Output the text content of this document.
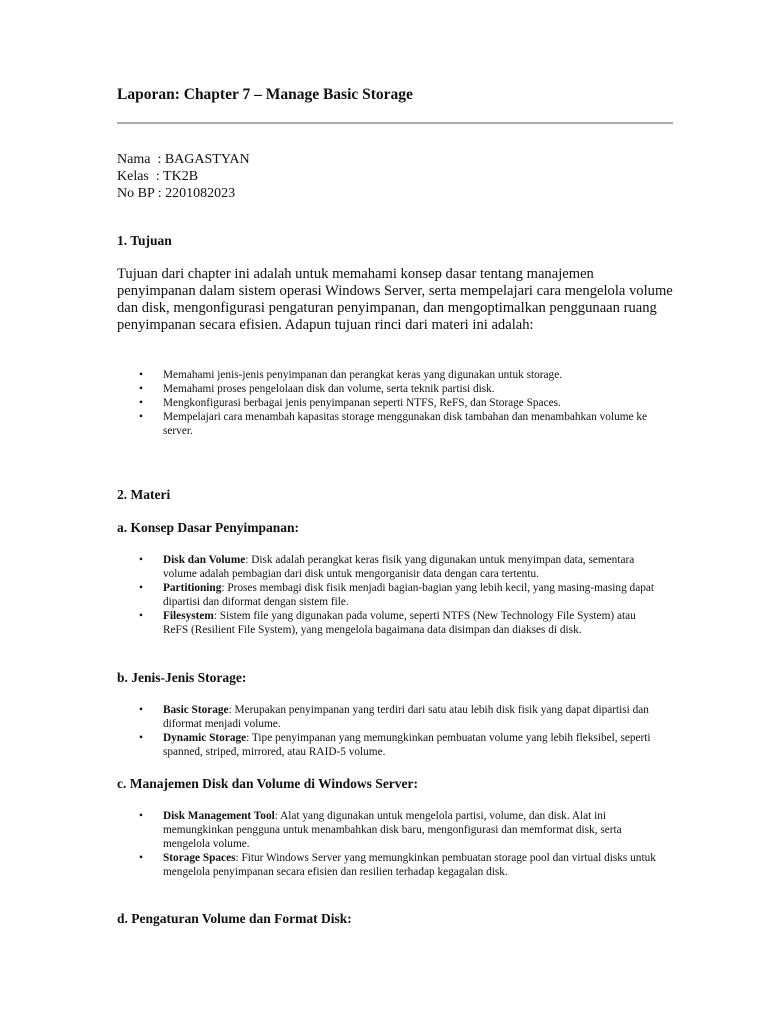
Laporan: Chapter 7 – Manage Basic Storage
Nama  : BAGASTYAN
Kelas  : TK2B
No BP : 2201082023
1. Tujuan
Tujuan dari chapter ini adalah untuk memahami konsep dasar tentang manajemen penyimpanan dalam sistem operasi Windows Server, serta mempelajari cara mengelola volume dan disk, mengonfigurasi pengaturan penyimpanan, dan mengoptimalkan penggunaan ruang penyimpanan secara efisien. Adapun tujuan rinci dari materi ini adalah:
• Memahami jenis-jenis penyimpanan dan perangkat keras yang digunakan untuk storage.
• Memahami proses pengelolaan disk dan volume, serta teknik partisi disk.
• Mengkonfigurasi berbagai jenis penyimpanan seperti NTFS, ReFS, dan Storage Spaces.
• Mempelajari cara menambah kapasitas storage menggunakan disk tambahan dan menambahkan volume ke server.
2. Materi
a. Konsep Dasar Penyimpanan:
• Disk dan Volume: Disk adalah perangkat keras fisik yang digunakan untuk menyimpan data, sementara volume adalah pembagian dari disk untuk mengorganisir data dengan cara tertentu.
• Partitioning: Proses membagi disk fisik menjadi bagian-bagian yang lebih kecil, yang masing-masing dapat dipartisi dan diformat dengan sistem file.
• Filesystem: Sistem file yang digunakan pada volume, seperti NTFS (New Technology File System) atau ReFS (Resilient File System), yang mengelola bagaimana data disimpan dan diakses di disk.
b. Jenis-Jenis Storage:
• Basic Storage: Merupakan penyimpanan yang terdiri dari satu atau lebih disk fisik yang dapat dipartisi dan diformat menjadi volume.
• Dynamic Storage: Tipe penyimpanan yang memungkinkan pembuatan volume yang lebih fleksibel, seperti spanned, striped, mirrored, atau RAID-5 volume.
c. Manajemen Disk dan Volume di Windows Server:
• Disk Management Tool: Alat yang digunakan untuk mengelola partisi, volume, dan disk. Alat ini memungkinkan pengguna untuk menambahkan disk baru, mengonfigurasi dan memformat disk, serta mengelola volume.
• Storage Spaces: Fitur Windows Server yang memungkinkan pembuatan storage pool dan virtual disks untuk mengelola penyimpanan secara efisien dan resilien terhadap kegagalan disk.
d. Pengaturan Volume dan Format Disk:
